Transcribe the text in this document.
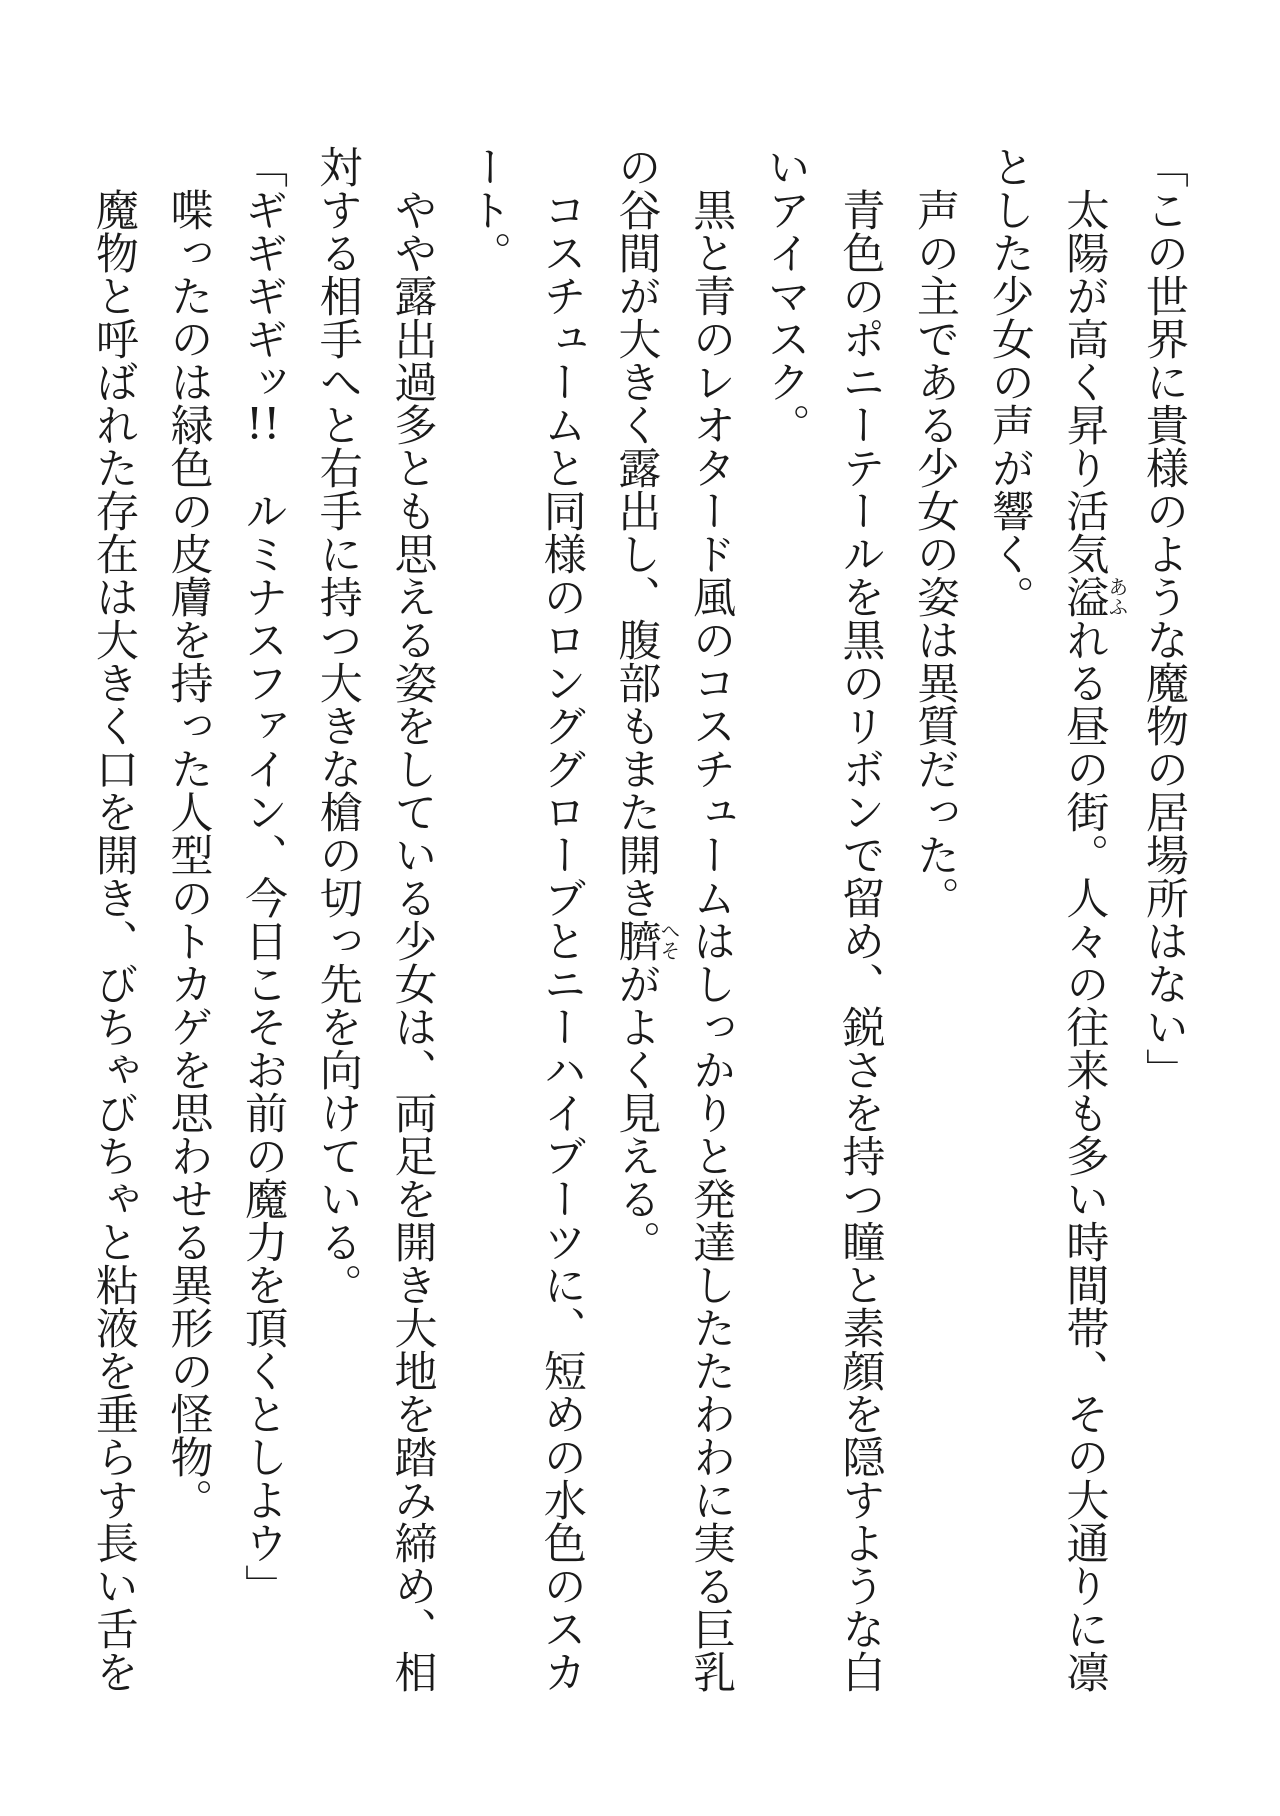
「この世界に貴様のような魔物の居場所はない」

太陽が高く昇り活気溢あふれる昼の街。人々の往来も多い時間帯、その大通りに凛とした少女の声が響く。

声の主である少女の姿は異質だった。

青色のポニーテールを黒のリボンで留め、鋭さを持つ瞳と素顔を隠すような白いアイマスク。

黒と青のレオタード風のコスチュームはしっかりと発達したたわわに実る巨乳の谷間が大きく露出し、腹部もまた開き臍へそがよく見える。

コスチュームと同様のロンググローブとニーハイブーツに、短めの水色のスカート。

やや露出過多とも思える姿をしている少女は、両足を開き大地を踏み締め、相対する相手へと右手に持つ大きな槍の切っ先を向けている。

「ギギギギッ!!　ルミナスファイン、今日こそお前の魔力を頂くとしよウ」

喋ったのは緑色の皮膚を持った人型のトカゲを思わせる異形の怪物。

魔物と呼ばれた存在は大きく口を開き、びちゃびちゃと粘液を垂らす長い舌を
